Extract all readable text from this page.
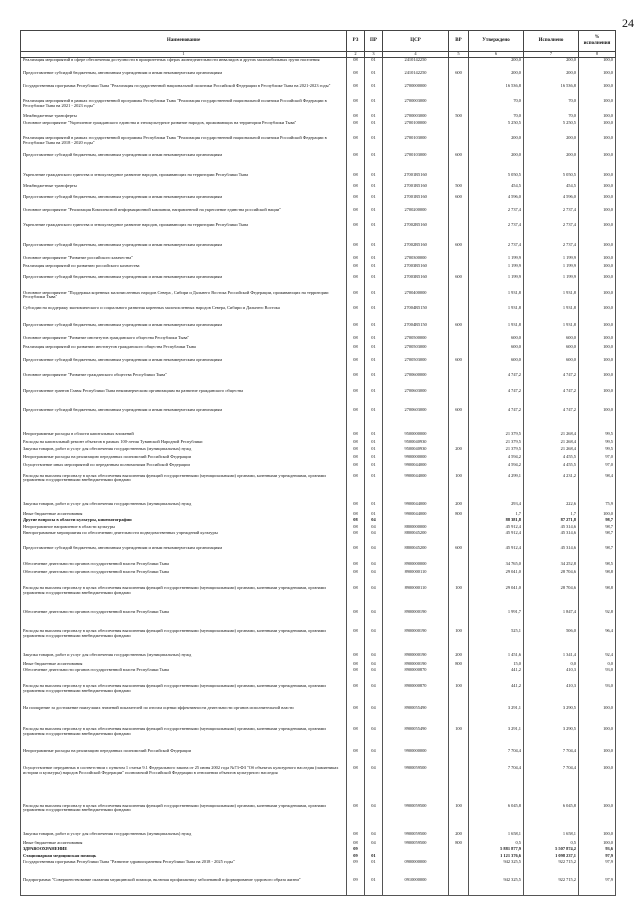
24
Наименование	РЗ	ПР	ЦСР	ВР	Утверждено	Исполнено	% исполнения
1	2	3	4	5	6	7	8
Реализация мероприятий в сфере обеспечения доступности в приоритетных сферах жизнедеятельности инвалидов и других маломобильных групп населения	08	01	2410142250		200,0	200,0	100,0
Предоставление субсидий бюджетным, автономным учреждениям и иным некоммерческим организациям	08	01	2410142250	600	200,0	200,0	100,0
Государственная программа Республики Тыва "Реализация государственной национальной политики Российской Федерации в Республике Тыва на 2021-2023 годы"	08	01	2700000000		16 536,8	16 536,8	100,0
Реализация мероприятий в рамках государственной программы Республики Тыва "Реализация государственной национальной политики Российской Федерации в Республике Тыва на 2021 - 2023 годы"	08	01	2700003000		70,0	70,0	100,0
Межбюджетные трансферты	08	01	2700003000	500	70,0	70,0	100,0
Основное мероприятие "Укрепление гражданского единства и этнокультурное развитие народов, проживающих на территории Республики Тыва"	08	01	2700100000		5 250,5	5 250,5	100,0
Реализация мероприятий в рамках государственной программы Республики Тыва "Реализация государственной национальной политики Российской Федерации в Республике Тыва на 2018 - 2020 годы"	08	01	2700103000		200,0	200,0	100,0
Предоставление субсидий бюджетным, автономным учреждениям и иным некоммерческим организациям	08	01	2700103000	600	200,0	200,0	100,0
Укрепление гражданского единства и этнокультурное развитие народов, проживающих на территории Республики Тыва	08	01	27001R5160		5 050,5	5 050,5	100,0
Межбюджетные трансферты	08	01	27001R5160	500	454,5	454,5	100,0
Предоставление субсидий бюджетным, автономным учреждениям и иным некоммерческим организациям	08	01	27001R5160	600	4 596,0	4 596,0	100,0
Основное мероприятие "Реализация Комплексной информационной кампании, направленной на укрепление единства российской нации"	08	01	2700200000		2 737,4	2 737,4	100,0
Укрепление гражданского единства и этнокультурное развитие народов, проживающих на территории Республики Тыва	08	01	27002R5160		2 737,4	2 737,4	100,0
Предоставление субсидий бюджетным, автономным учреждениям и иным некоммерческим организациям	08	01	27002R5160	600	2 737,4	2 737,4	100,0
Основное мероприятие "Развитие российского казачества"	08	01	2700300000		1 199,9	1 199,9	100,0
Реализация мероприятий по развитию российского казачества	08	01	27003R5160		1 199,9	1 199,9	100,0
Предоставление субсидий бюджетным, автономным учреждениям и иным некоммерческим организациям	08	01	27003R5160	600	1 199,9	1 199,9	100,0
Основное мероприятие "Поддержка коренных малочисленных народов Севера , Сибири и Дальнего Востока Российской Федерации, проживающих на территории Республики Тыва"	08	01	2700400000		1 931,8	1 931,8	100,0
Субсидии на поддержку экономического и социального развития коренных малочисленных народов Севера, Сибири и Дальнего Востока	08	01	27004R5150		1 931,8	1 931,8	100,0
Предоставление субсидий бюджетным, автономным учреждениям и иным некоммерческим организациям	08	01	27004R5150	600	1 931,8	1 931,8	100,0
Основное мероприятие "Развитие институтов гражданского общества Республики Тыва"	08	01	2700500000		600,0	600,0	100,0
Реализация мероприятий по развитию институтов гражданского общества Республики Тыва	08	01	2700503000		600,0	600,0	100,0
Предоставление субсидий бюджетным, автономным учреждениям и иным некоммерческим организациям	08	01	2700503000	600	600,0	600,0	100,0
Основное мероприятие "Развитие гражданского общества Республики Тыва"	08	01	2700600000		4 747,2	4 747,2	100,0
Предоставление грантов Главы Республики Тыва некоммерческим организациям на развитие гражданского общества	08	01	2700603000		4 747,2	4 747,2	100,0
Предоставление субсидий бюджетным, автономным учреждениям и иным некоммерческим организациям	08	01	2700603000	600	4 747,2	4 747,2	100,0
Непрограммные расходы в области капитальных вложений	08	01	9500000000		21 379,5	21 268,4	99,5
Расходы на капитальный ремонт объектов в рамках 100-летия Тувинской Народной Республики	08	01	9500040930		21 379,5	21 268,4	99,5
Закупка товаров, работ и услуг для обеспечения государственных (муниципальных) нужд	08	01	9500040930	200	21 379,5	21 268,4	99,5
Непрограммные расходы на реализацию переданных полномочий Российской Федерации	08	01	9900000000		4 594,2	4 455,5	97,0
Осуществление иных мероприятий по переданным полномочиям Российской Федерации	08	01	9900044000		4 594,2	4 455,5	97,0
Расходы на выплаты персоналу в целях обеспечения выполнения функций государственными (муниципальными) органами, казенными учреждениями, органами управления государственными внебюджетными фондами	08	01	9900044000	100	4 299,1	4 231,2	98,4
Закупка товаров, работ и услуг для обеспечения государственных (муниципальных) нужд	08	01	9900044000	200	293,4	222,6	75,9
Иные бюджетные ассигнования	08	01	9900044000	800	1,7	1,7	100,0
Другие вопросы в области культуры, кинематографии	08	04			88 381,8	87 271,8	98,7
Непрограммное направление в области культуры	08	04	8800000000		45 912,4	45 314,6	98,7
Внепрограммные мероприятия по обеспечению деятельности подведомственных учреждений культуры	08	04	8800045200		45 912,4	45 314,6	98,7
Предоставление субсидий бюджетным, автономным учреждениям и иным некоммерческим организациям	08	04	8800045200	600	45 912,4	45 314,6	98,7
Обеспечение деятельности органов государственной власти Республики Тыва	08	04	8900000000		34 765,0	34 252,8	98,5
Обеспечение деятельности органов государственной власти Республики Тыва	08	04	8900000110		29 041,0	28 704,6	98,8
Расходы на выплаты персоналу в целях обеспечения выполнения функций государственными (муниципальными) органами, казенными учреждениями, органами управления государственными внебюджетными фондами	08	04	8900000110	100	29 041,0	28 704,6	98,8
Обеспечение деятельности органов государственной власти Республики Тыва	08	04	8900000190		1 991,7	1 847,4	92,8
Расходы на выплаты персоналу в целях обеспечения выполнения функций государственными (муниципальными) органами, казенными учреждениями, органами управления государственными внебюджетными фондами	08	04	8900000190	100	525,1	506,0	96,4
Закупка товаров, работ и услуг для обеспечения государственных (муниципальных) нужд	08	04	8900000190	200	1 451,6	1 341,4	92,4
Иные бюджетные ассигнования	08	04	8900000190	800	15,0	0,0	0,0
Обеспечение деятельности органов государственной власти Республики Тыва	08	04	8900000870		441,2	410,3	93,0
Расходы на выплаты персоналу в целях обеспечения выполнения функций государственными (муниципальными) органами, казенными учреждениями, органами управления государственными внебюджетными фондами	08	04	8900000870	100	441,2	410,3	93,0
На поощрение за достижение наилучших значений показателей по итогам оценки эффективности деятельности органов исполнительной власти	08	04	8900055490		3 291,1	3 290,5	100,0
Расходы на выплаты персоналу в целях обеспечения выполнения функций государственными (муниципальными) органами, казенными учреждениями, органами управления государственными внебюджетными фондами	08	04	8900055490	100	3 291,1	3 290,5	100,0
Непрограммные расходы на реализацию переданных полномочий Российской Федерации	08	04	9900000000		7 704,4	7 704,4	100,0
Осуществление переданных в соответствии с пунктом 1 статьи 9.1 Федерального закона от 25 июня 2002 года №73-ФЗ "Об объектах культурного наследия (памятниках истории и культуры) народов Российской Федерации" полномочий Российской Федерации в отношении объектов культурного наследия	08	04	9900059500		7 704,4	7 704,4	100,0
Расходы на выплаты персоналу в целях обеспечения выполнения функций государственными (муниципальными) органами, казенными учреждениями, органами управления государственными внебюджетными фондами	08	04	9900059500	100	6 045,8	6 045,8	100,0
Закупка товаров, работ и услуг для обеспечения государственных (муниципальных) нужд	08	04	9900059500	200	1 658,1	1 658,1	100,0
Иные бюджетные ассигнования	08	04	9900059500	800	0,5	0,5	100,0
ЗДРАВООХРАНЕНИЕ	09				5 881 877,9	5 507 874,2	93,6
Стационарная медицинская помощь	09	01			1 121 376,6	1 098 237,1	97,9
Государственная программа Республики Тыва "Развитие здравоохранения Республики Тыва на 2018 - 2025 годы"	09	01	0900000000		942 325,5	922 715,2	97,9
Подпрограмма "Совершенствование оказания медицинской помощи, включая профилактику заболеваний и формирование здорового образа жизни"	09	01	0910000000		942 325,5	922 715,2	97,9
